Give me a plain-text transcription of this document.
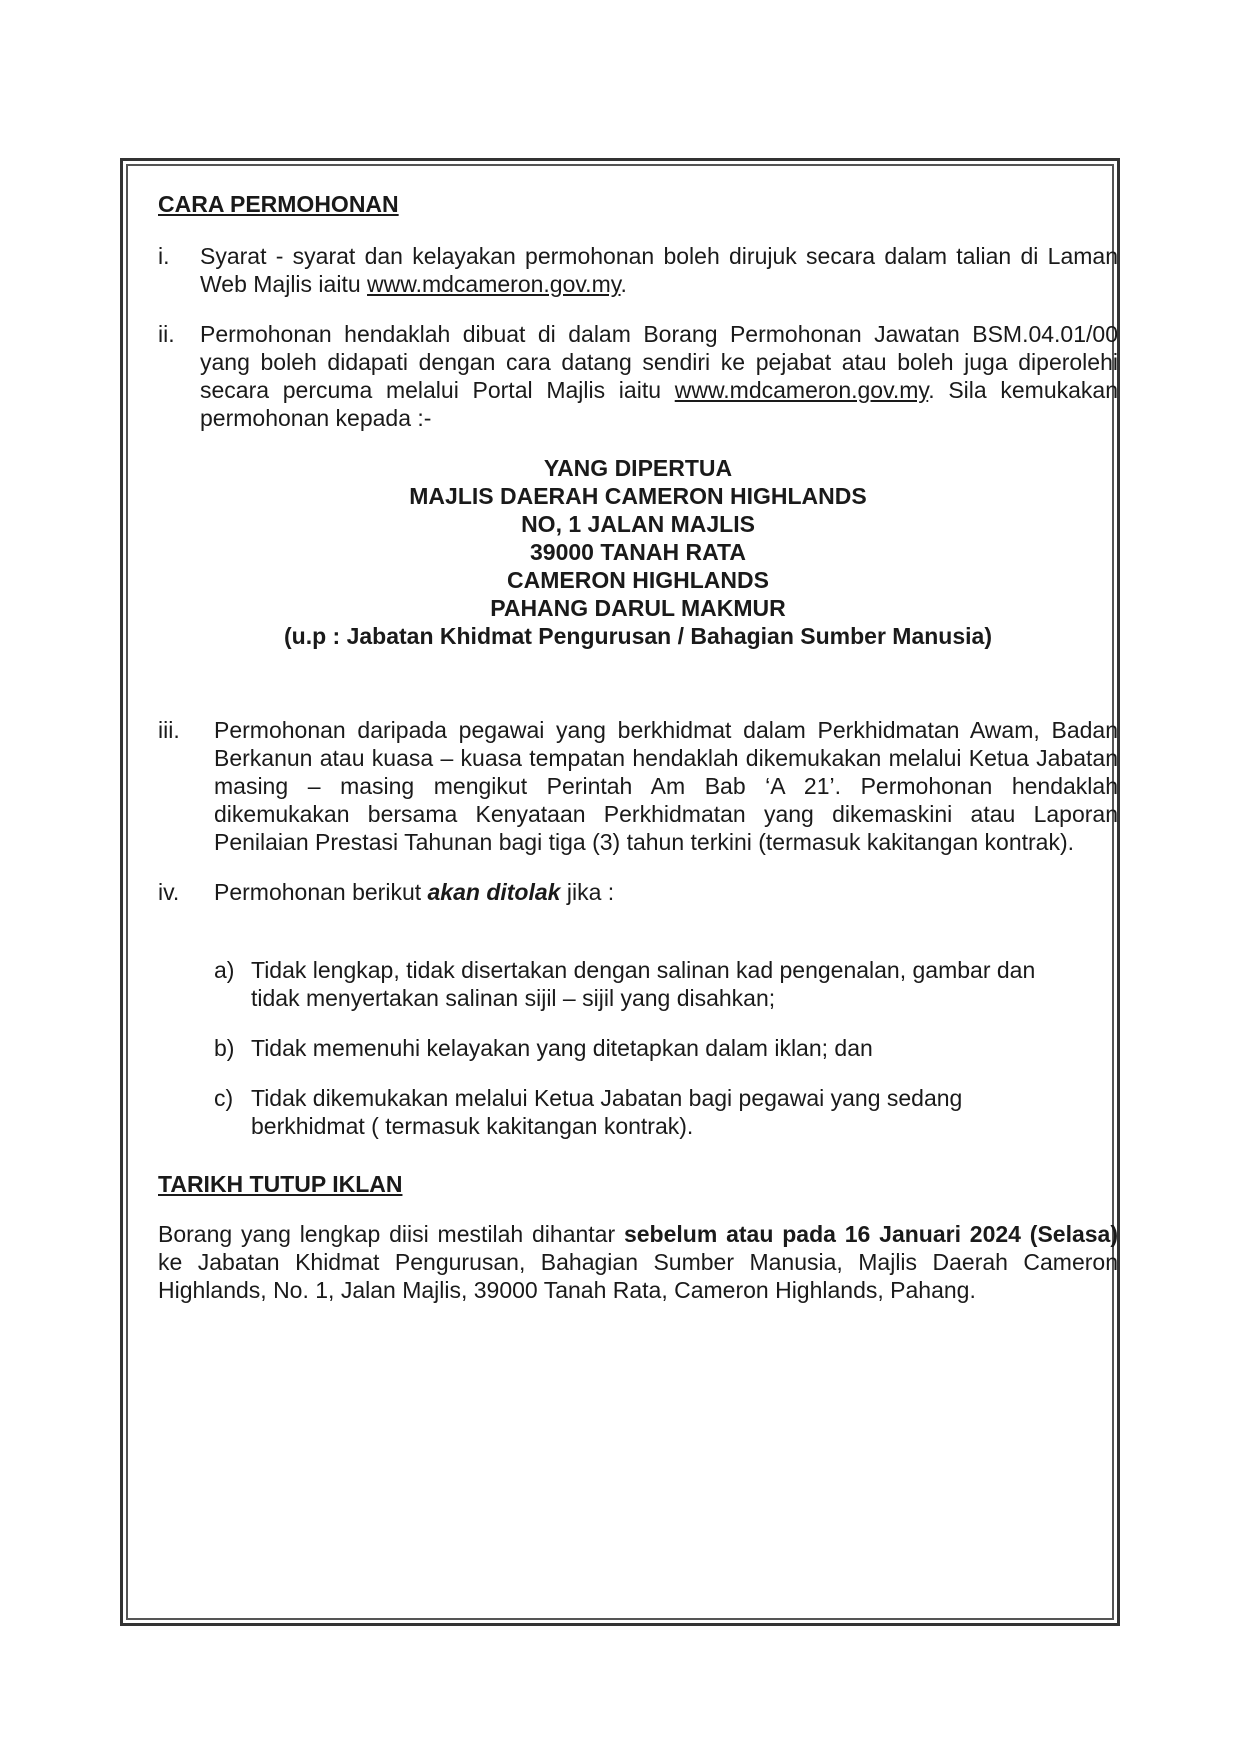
CARA PERMOHONAN
i.	Syarat - syarat dan kelayakan permohonan boleh dirujuk secara dalam talian di Laman Web Majlis iaitu www.mdcameron.gov.my.
ii.	Permohonan hendaklah dibuat di dalam Borang Permohonan Jawatan BSM.04.01/00 yang boleh didapati dengan cara datang sendiri ke pejabat atau boleh juga diperolehi secara percuma melalui Portal Majlis iaitu www.mdcameron.gov.my. Sila kemukakan permohonan kepada :-
YANG DIPERTUA
MAJLIS DAERAH CAMERON HIGHLANDS
NO, 1 JALAN MAJLIS
39000 TANAH RATA
CAMERON HIGHLANDS
PAHANG DARUL MAKMUR
(u.p : Jabatan Khidmat Pengurusan / Bahagian Sumber Manusia)
iii.	Permohonan daripada pegawai yang berkhidmat dalam Perkhidmatan Awam, Badan Berkanun atau kuasa – kuasa tempatan hendaklah dikemukakan melalui Ketua Jabatan masing – masing mengikut Perintah Am Bab ‘A 21’. Permohonan hendaklah dikemukakan bersama Kenyataan Perkhidmatan yang dikemaskini atau Laporan Penilaian Prestasi Tahunan bagi tiga (3) tahun terkini (termasuk kakitangan kontrak).
iv.	Permohonan berikut akan ditolak jika :
a) Tidak lengkap, tidak disertakan dengan salinan kad pengenalan, gambar dan tidak menyertakan salinan sijil – sijil yang disahkan;
b) Tidak memenuhi kelayakan yang ditetapkan dalam iklan; dan
c) Tidak dikemukakan melalui Ketua Jabatan bagi pegawai yang sedang berkhidmat ( termasuk kakitangan kontrak).
TARIKH TUTUP IKLAN
Borang yang lengkap diisi mestilah dihantar sebelum atau pada 16 Januari 2024 (Selasa) ke Jabatan Khidmat Pengurusan, Bahagian Sumber Manusia, Majlis Daerah Cameron Highlands, No. 1, Jalan Majlis, 39000 Tanah Rata, Cameron Highlands, Pahang.
